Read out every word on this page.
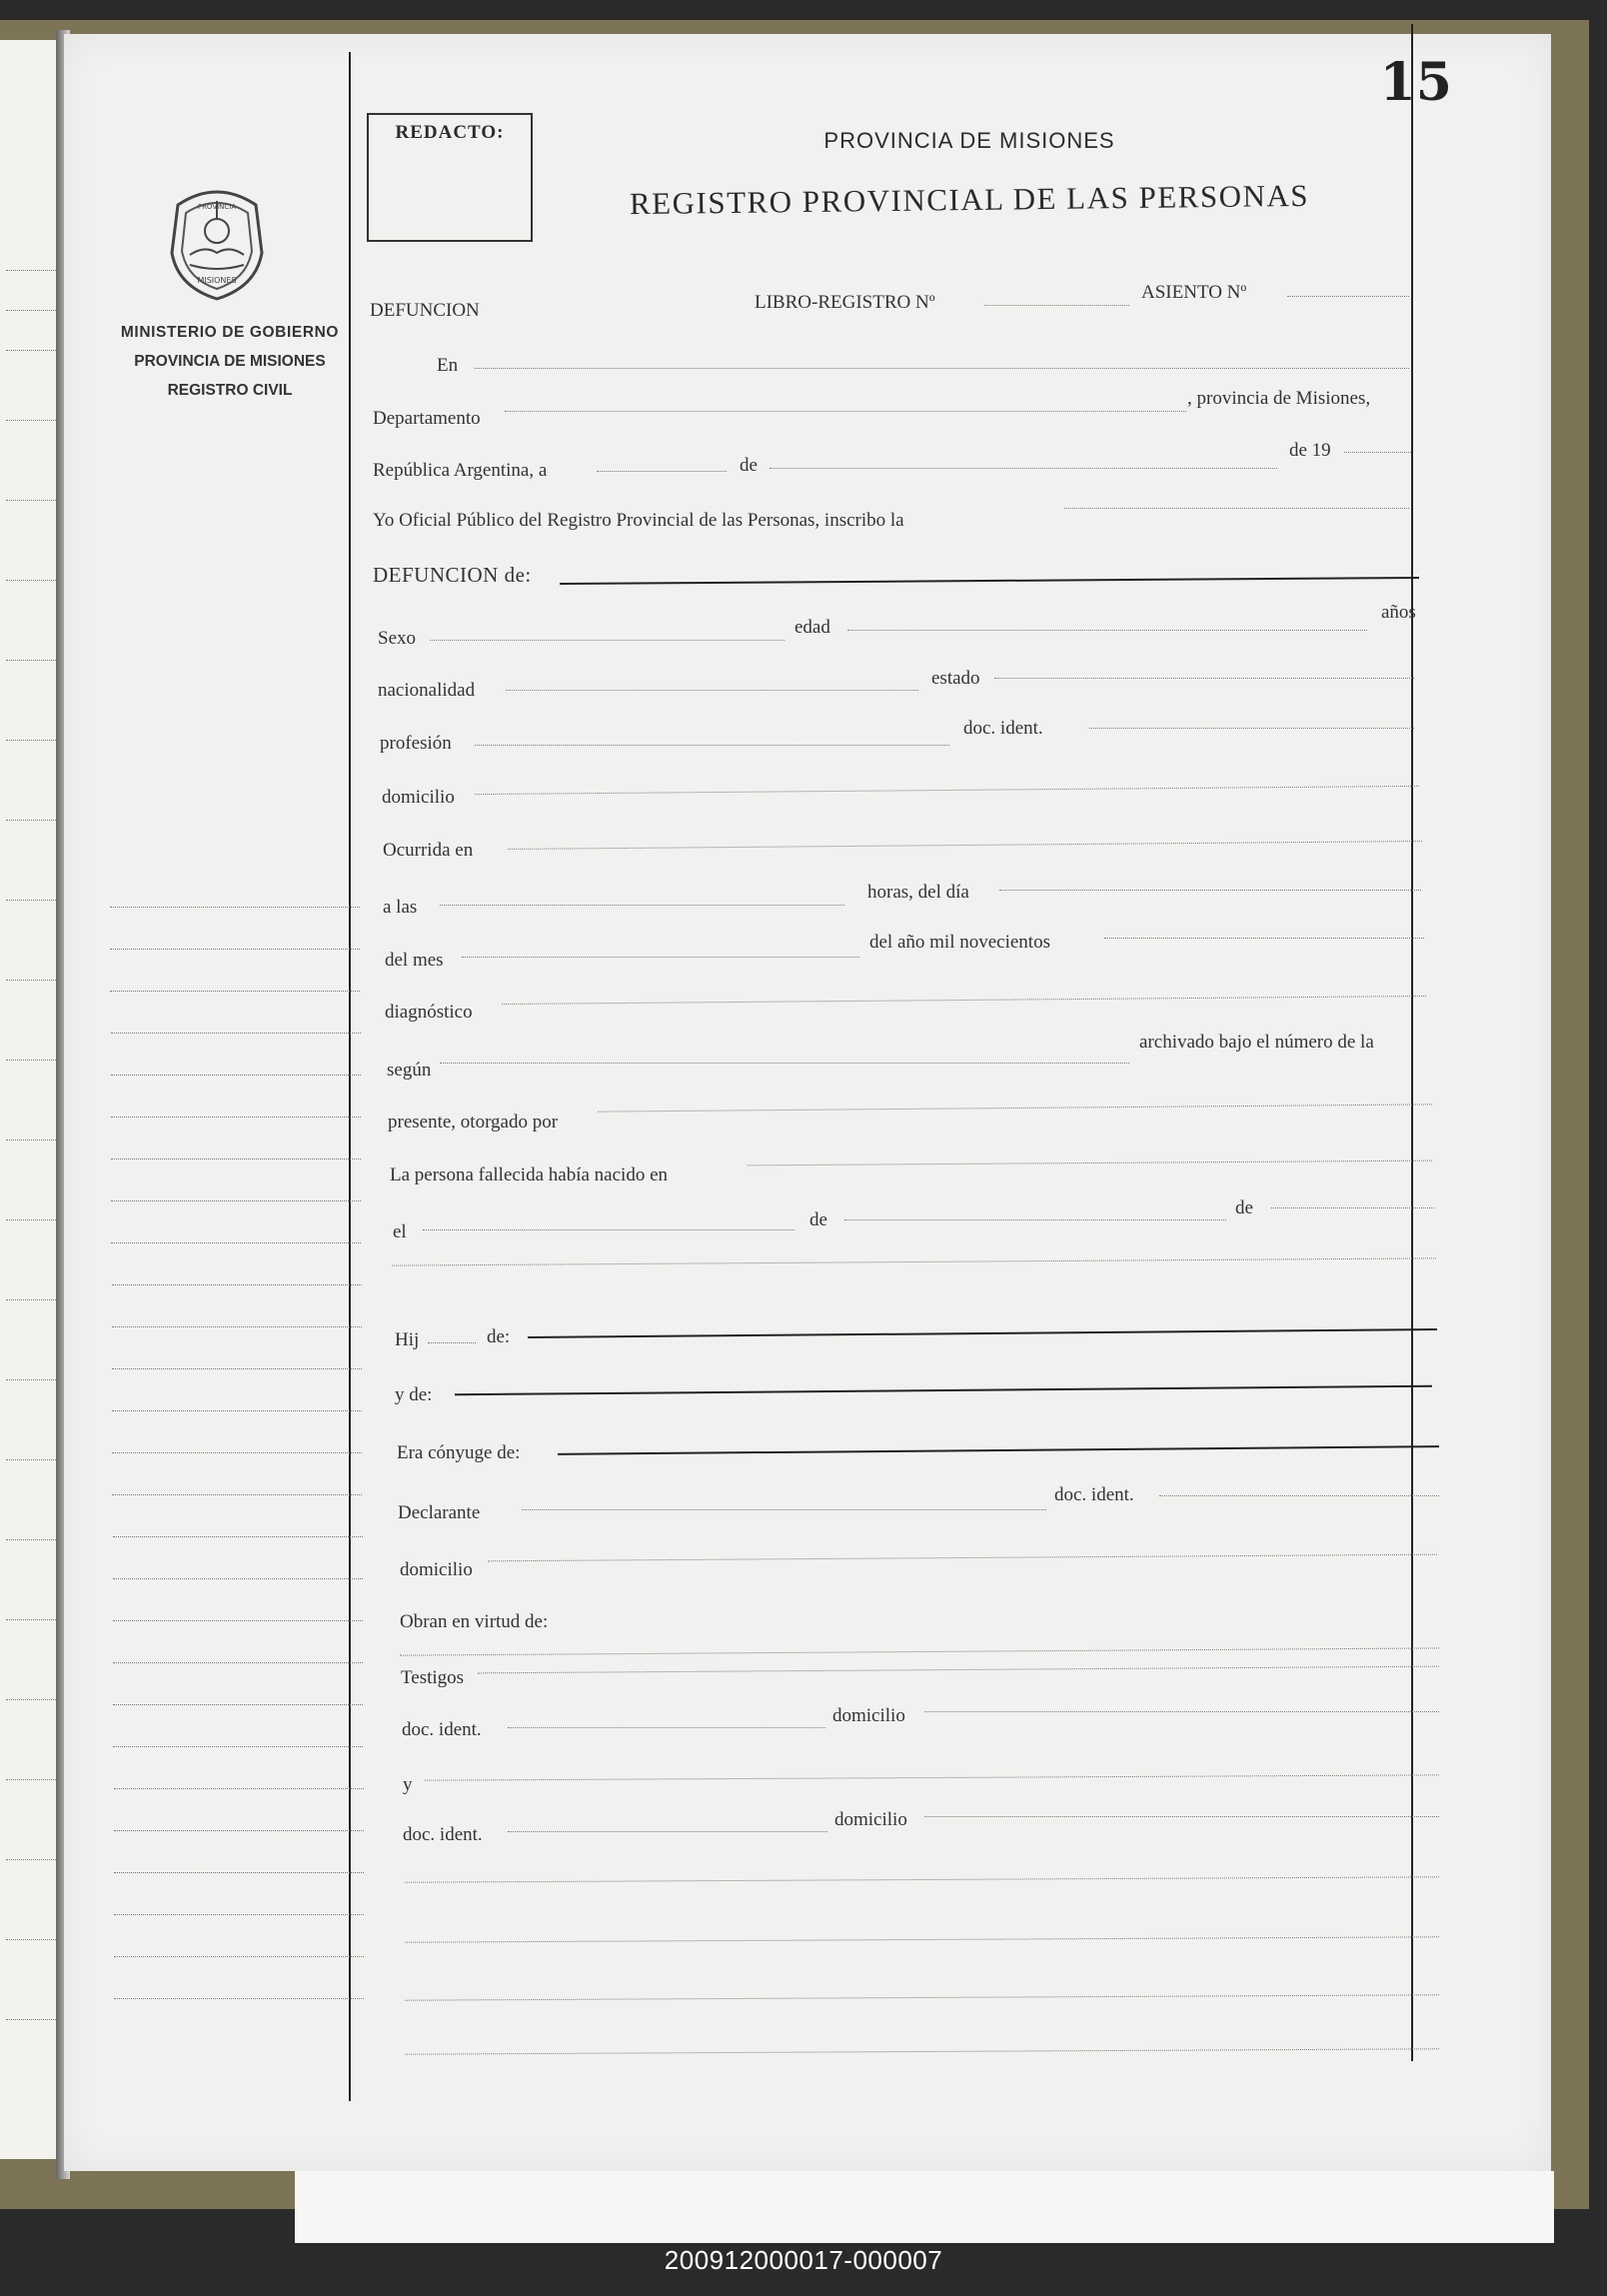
15
REDACTO:	PROVINCIA DE MISIONES
REGISTRO PROVINCIAL DE LAS PERSONAS
PROVINCIA
MISIONES
MINISTERIO DE GOBIERNO
PROVINCIA DE MISIONES
REGISTRO CIVIL
DEFUNCION	LIBRO-REGISTRO Nº	ASIENTO Nº
En
Departamento
, provincia de Misiones,
República Argentina, a	de
de 19
Yo Oficial Público del Registro Provincial de las Personas, inscribo la
DEFUNCION de:
Sexo
edad
años
nacionalidad
estado
profesión
doc. ident.
domicilio
Ocurrida en
a las
horas, del día
del mes
del año mil novecientos
diagnóstico
según
archivado bajo el número de la
presente, otorgado por
La persona fallecida había nacido en
el
de
de
Hij	de:
y de:
Era cónyuge de:
Declarante
doc. ident.
domicilio
Obran en virtud de:
Testigos
doc. ident.
domicilio
y
doc. ident.
domicilio
200912000017-000007
